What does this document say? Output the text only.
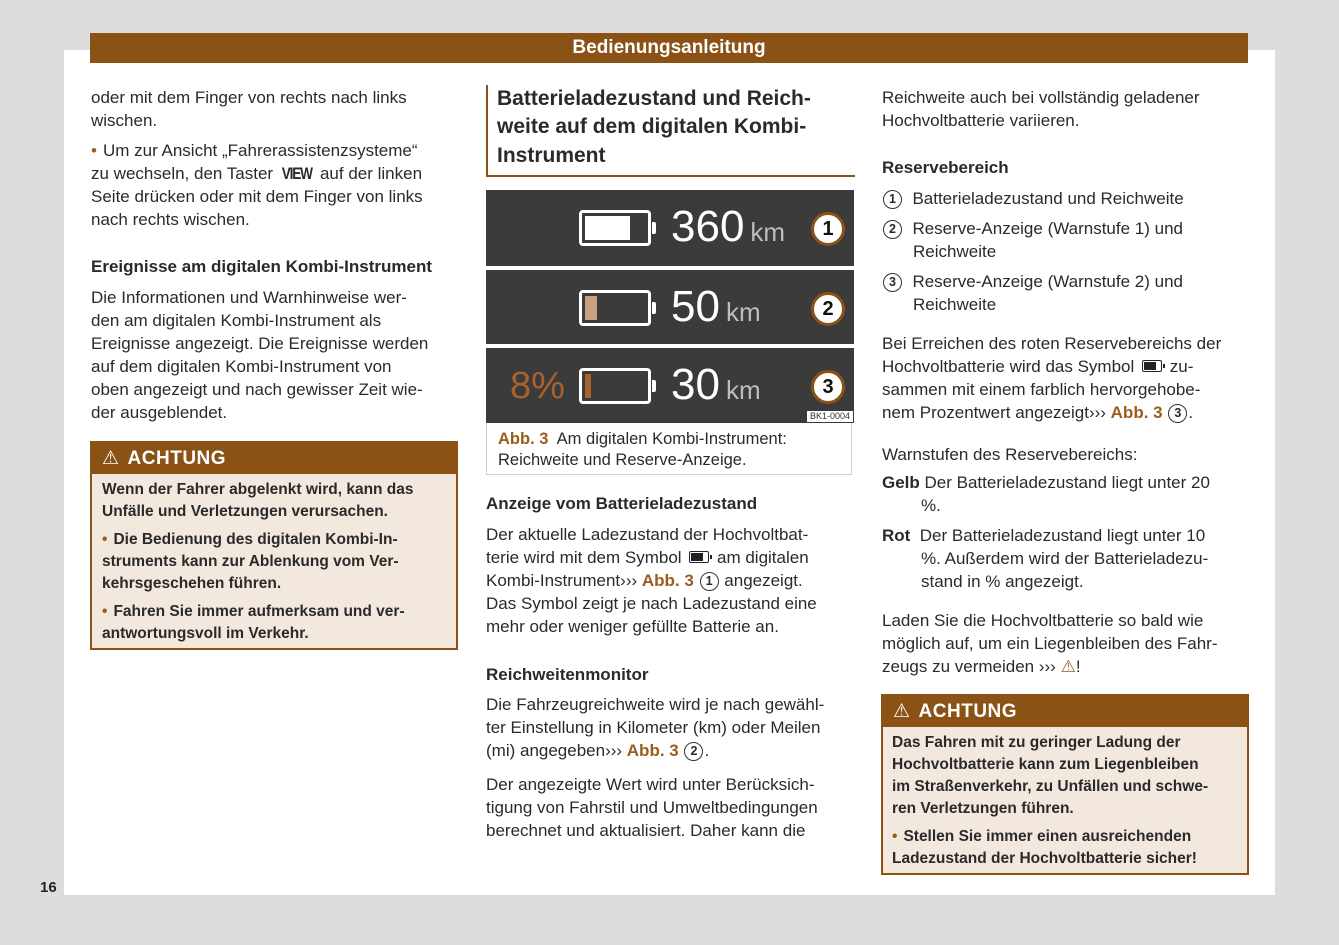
Bedienungsanleitung
16
⚠ ACHTUNG
⚠ ACHTUNG
8%
BK1-0004
360 km	1
50 km	2
30 km	3
oder mit dem Finger von rechts nach links
wischen.
• Um zur Ansicht „Fahrerassistenzsysteme“
zu wechseln, den Taster VIEW auf der linken
Seite drücken oder mit dem Finger von links
nach rechts wischen.
Ereignisse am digitalen Kombi-Instrument
Die Informationen und Warnhinweise wer-
den am digitalen Kombi-Instrument als
Ereignisse angezeigt. Die Ereignisse werden
auf dem digitalen Kombi-Instrument von
oben angezeigt und nach gewisser Zeit wie-
der ausgeblendet.
Wenn der Fahrer abgelenkt wird, kann das
Unfälle und Verletzungen verursachen.
• Die Bedienung des digitalen Kombi-In-
struments kann zur Ablenkung vom Ver-
kehrsgeschehen führen.
• Fahren Sie immer aufmerksam und ver-
antwortungsvoll im Verkehr.
Batterieladezustand und Reich-
weite auf dem digitalen Kombi-
Instrument
Abb. 3  Am digitalen Kombi-Instrument:
Reichweite und Reserve-Anzeige.
Anzeige vom Batterieladezustand
Der aktuelle Ladezustand der Hochvoltbat-
terie wird mit dem Symbol  am digitalen
Kombi-Instrument››› Abb. 3 1 angezeigt.
Das Symbol zeigt je nach Ladezustand eine
mehr oder weniger gefüllte Batterie an.
Reichweitenmonitor
Die Fahrzeugreichweite wird je nach gewähl-
ter Einstellung in Kilometer (km) oder Meilen
(mi) angegeben››› Abb. 3 2 .
Der angezeigte Wert wird unter Berücksich-
tigung von Fahrstil und Umweltbedingungen
berechnet und aktualisiert. Daher kann die
Reichweite auch bei vollständig geladener
Hochvoltbatterie variieren.
Reservebereich
1  Batterieladezustand und Reichweite
2  Reserve-Anzeige (Warnstufe 1) und
Reichweite
3  Reserve-Anzeige (Warnstufe 2) und
Reichweite
Bei Erreichen des roten Reservebereichs der
Hochvoltbatterie wird das Symbol  zu-
sammen mit einem farblich hervorgehobe-
nem Prozentwert angezeigt››› Abb. 3 3 .
Warnstufen des Reservebereichs:
Gelb Der Batterieladezustand liegt unter 20
%.
Rot  Der Batterieladezustand liegt unter 10
%. Außerdem wird der Batterieladezu-
stand in % angezeigt.
Laden Sie die Hochvoltbatterie so bald wie
möglich auf, um ein Liegenbleiben des Fahr-
zeugs zu vermeiden ››› ⚠!
Das Fahren mit zu geringer Ladung der
Hochvoltbatterie kann zum Liegenbleiben
im Straßenverkehr, zu Unfällen und schwe-
ren Verletzungen führen.
• Stellen Sie immer einen ausreichenden
Ladezustand der Hochvoltbatterie sicher!
